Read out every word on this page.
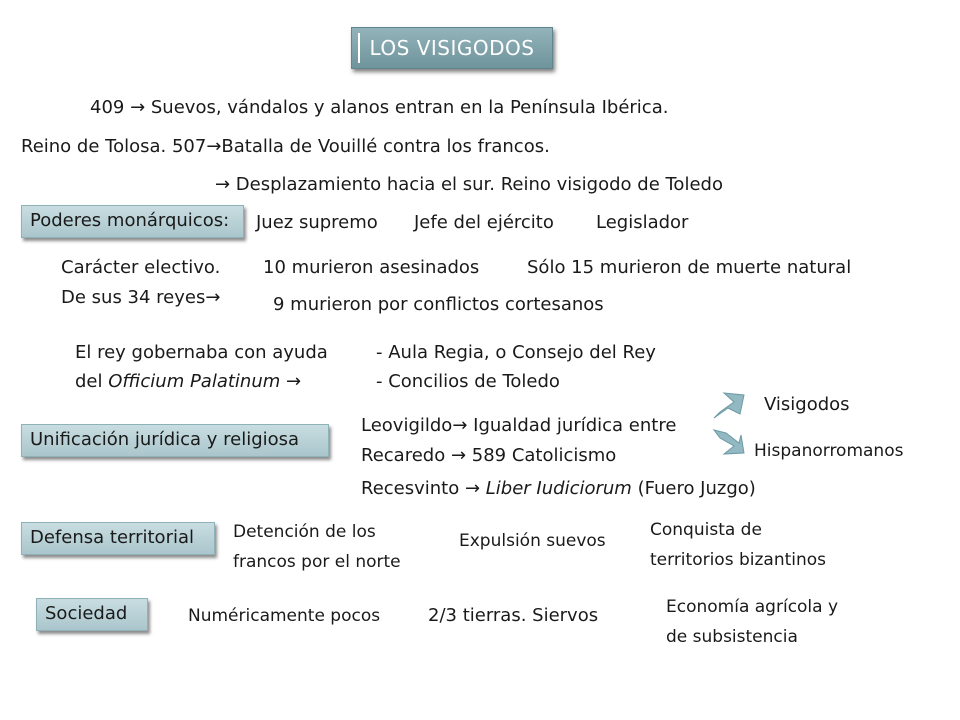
LOS VISIGODOS
409 → Suevos, vándalos y alanos entran en la Península Ibérica.
Reino de Tolosa. 507→Batalla de Vouillé contra los francos.
→ Desplazamiento hacia el sur. Reino visigodo de Toledo
Poderes monárquicos:	Juez supremo Jefe del ejército Legislador
Carácter electivo.
De sus 34 reyes→
10 murieron asesinados	Sólo 15 murieron de muerte natural
9 murieron por conflictos cortesanos
El rey gobernaba con ayuda
del Officium Palatinum →
- Aula Regia, o Consejo del Rey
- Concilios de Toledo
Unificación jurídica y religiosa
Leovigildo→ Igualdad jurídica entre
Recaredo → 589 Catolicismo
Recesvinto → Liber Iudiciorum (Fuero Juzgo)
Visigodos
Hispanorromanos
Defensa territorial	Detención de los
francos por el norte
Expulsión suevos
Conquista de
territorios bizantinos
Sociedad	Numéricamente pocos	2/3 tierras. Siervos	Economía agrícola y
de subsistencia
